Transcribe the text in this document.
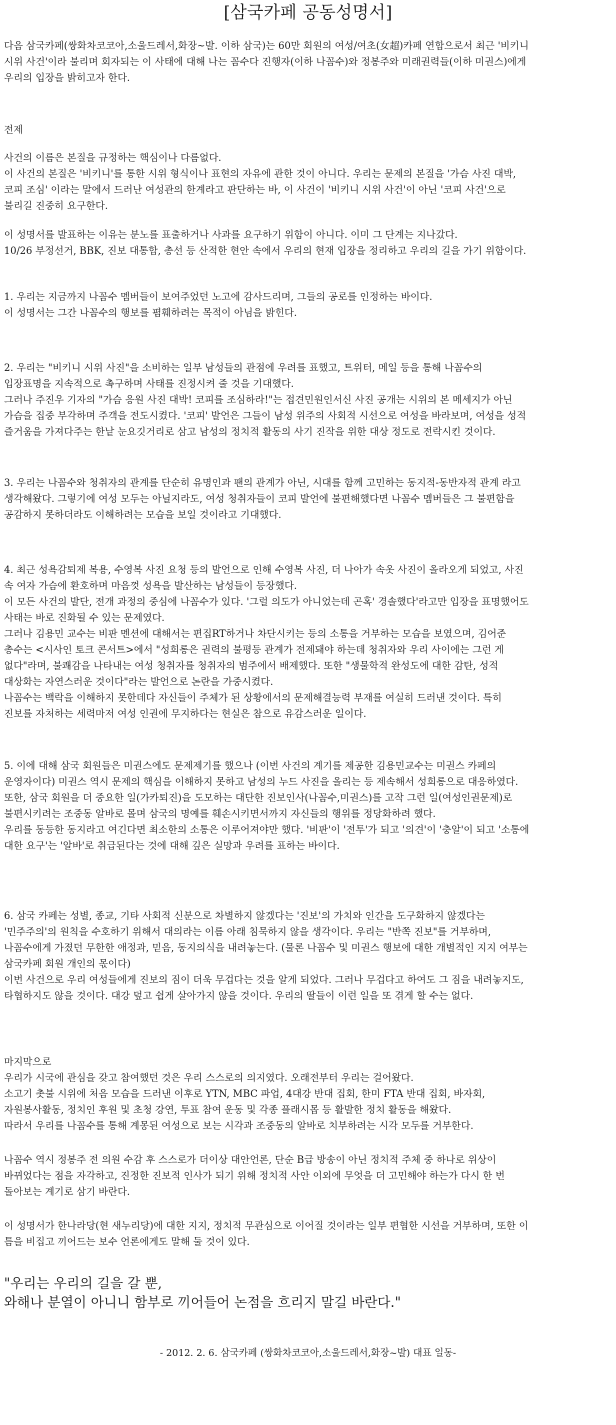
[삼국카페 공동성명서]

다음 삼국카페(쌍화차코코아,소울드레서,화장~발. 이하 삼국)는 60만 회원의 여성/여초(女超)카페 연합으로서 최근 '비키니
시위 사건'이라 불리며 회자되는 이 사태에 대해 나는 꼼수다 진행자(이하 나꼼수)와 정봉주와 미래권력들(이하 미권스)에게
우리의 입장을 밝히고자 한다.

전제

사건의 이름은 본질을 규정하는 핵심이나 다름없다.
이 사건의 본질은 '비키니'를 통한 시위 형식이나 표현의 자유에 관한 것이 아니다. 우리는 문제의 본질을 '가슴 사진 대박,
코피 조심' 이라는 말에서 드러난 여성관의 한계라고 판단하는 바, 이 사건이 '비키니 시위 사건'이 아닌 '코피 사건'으로
불리길 진중히 요구한다.

이 성명서를 발표하는 이유는 분노를 표출하거나 사과를 요구하기 위함이 아니다. 이미 그 단계는 지나갔다.
10/26 부정선거, BBK, 진보 대통합, 총선 등 산적한 현안 속에서 우리의 현재 입장을 정리하고 우리의 길을 가기 위함이다.

1. 우리는 지금까지 나꼼수 멤버들이 보여주었던 노고에 감사드리며, 그들의 공로를 인정하는 바이다.
이 성명서는 그간 나꼼수의 행보를 폄훼하려는 목적이 아님을 밝힌다.

2. 우리는 "비키니 시위 사진"을 소비하는 일부 남성들의 관점에 우려를 표했고, 트위터, 메일 등을 통해 나꼼수의
입장표명을 지속적으로 촉구하며 사태를 진정시켜 줄 것을 기대했다.
그러나 주진우 기자의 "가슴 응원 사진 대박! 코피를 조심하라!"는 접견민원인서신 사진 공개는 시위의 본 메세지가 아닌
가슴을 집중 부각하며 주객을 전도시켰다. '코피' 발언은 그들이 남성 위주의 사회적 시선으로 여성을 바라보며, 여성을 성적
즐거움을 가져다주는 한낱 눈요깃거리로 삼고 남성의 정치적 활동의 사기 진작을 위한 대상 정도로 전락시킨 것이다.

3. 우리는 나꼼수와 청취자의 관계를 단순히 유명인과 팬의 관계가 아닌, 시대를 함께 고민하는 동지적-동반자적 관계 라고
생각해왔다. 그렇기에 여성 모두는 아닐지라도, 여성 청취자들이 코피 발언에 불편해했다면 나꼼수 멤버들은 그 불편함을
공감하지 못하더라도 이해하려는 모습을 보일 것이라고 기대했다.

4. 최근 성욕감퇴제 복용, 수영복 사진 요청 등의 발언으로 인해 수영복 사진, 더 나아가 속옷 사진이 올라오게 되었고, 사진
속 여자 가슴에 환호하며 마음껏 성욕을 발산하는 남성들이 등장했다.
이 모든 사건의 발단, 전개 과정의 중심에 나꼼수가 있다. '그럴 의도가 아니었는데 곤혹' 경솔했다'라고만 입장을 표명했어도
사태는 바로 진화될 수 있는 문제였다.
그러나 김용민 교수는 비판 멘션에 대해서는 편집RT하거나 차단시키는 등의 소통을 거부하는 모습을 보였으며, 김어준
총수는 <시사인 토크 콘서트>에서 "성희롱은 권력의 불평등 관계가 전제돼야 하는데 청취자와 우리 사이에는 그런 게
없다"라며, 불쾌감을 나타내는 여성 청취자를 청취자의 범주에서 배제했다. 또한 "생물학적 완성도에 대한 감탄, 성적
대상화는 자연스러운 것이다"라는 발언으로 논란을 가중시켰다.
나꼼수는 백락을 이해하지 못한데다 자신들이 주체가 된 상황에서의 문제해결능력 부재를 여실히 드러낸 것이다. 특히
진보를 자처하는 세력마저 여성 인권에 무지하다는 현실은 참으로 유감스러운 일이다.

5. 이에 대해 삼국 회원들은 미권스에도 문제제기를 했으나 (이번 사건의 계기를 제공한 김용민교수는 미권스 카페의
운영자이다) 미권스 역시 문제의 핵심을 이해하지 못하고 남성의 누드 사진을 올리는 등 제속해서 성희롱으로 대응하였다.
또한, 삼국 회원을 더 중요한 일(가카퇴진)을 도모하는 대단한 진보인사(나꼼수,미권스)를 고작 그런 일(여성인권문제)로
불편시키려는 조중동 알바로 몰며 삼국의 명예를 훼손시키면서까지 자신들의 행위를 정당화하려 했다.
우리를 동등한 동지라고 여긴다면 최소한의 소통은 이루어져야만 했다. '비판'이 '전투'가 되고 '의견'이 '충알'이 되고 '소통에
대한 요구'는 '알바'로 취급된다는 것에 대해 깊은 실망과 우려를 표하는 바이다.

6. 삼국 카페는 성별, 종교, 기타 사회적 신분으로 차별하지 않겠다는 '진보'의 가치와 인간을 도구화하지 않겠다는
'민주주의'의 원칙을 수호하기 위해서 대의라는 이름 아래 침묵하지 않을 생각이다. 우리는 "반쪽 진보"를 거부하며,
나꼼수에게 가졌던 무한한 애정과, 믿음, 동지의식을 내려놓는다. (물론 나꼼수 및 미권스 행보에 대한 개별적인 지지 여부는
삼국카페 회원 개인의 몫이다)
이번 사건으로 우리 여성들에게 진보의 짐이 더욱 무겁다는 것을 알게 되었다. 그러나 무겁다고 하여도 그 짐을 내려놓지도,
타협하지도 않을 것이다. 대강 덮고 쉽게 살아가지 않을 것이다. 우리의 딸들이 이런 일을 또 겪게 할 수는 없다.

마지막으로

우리가 시국에 관심을 갖고 참여했던 것은 우리 스스로의 의지였다. 오래전부터 우리는 걸어왔다.
소고기 촛불 시위에 처음 모습을 드러낸 이후로 YTN, MBC 파업, 4대강 반대 집회, 한미 FTA 반대 집회, 바자회,
자원봉사활동, 정치인 후원 및 초청 강연, 투표 참여 운동 및 각종 플래시몹 등 활발한 정치 활동을 해왔다.
따라서 우리를 나꼼수를 통해 계몽된 여성으로 보는 시각과 조중동의 알바로 치부하려는 시각 모두를 거부한다.

나꼼수 역시 정봉주 전 의원 수감 후 스스로가 더이상 대안언론, 단순 B급 방송이 아닌 정치적 주체 중 하나로 위상이
바뀌었다는 점을 자각하고, 진정한 진보적 인사가 되기 위해 정치적 사안 이외에 무엇을 더 고민해야 하는가 다시 한 번
돌아보는 계기로 삼기 바란다.

이 성명서가 한나라당(현 새누리당)에 대한 지지, 정치적 무관심으로 이어질 것이라는 일부 편협한 시선을 거부하며, 또한 이
틈을 비집고 끼어드는 보수 언론에게도 말해 둘 것이 있다.

"우리는 우리의 길을 갈 뿐,
와해나 분열이 아니니 함부로 끼어들어 논점을 흐리지 말길 바란다."

- 2012. 2. 6. 삼국카페 (쌍화차코코아,소울드레서,화장~발) 대표 일동-
